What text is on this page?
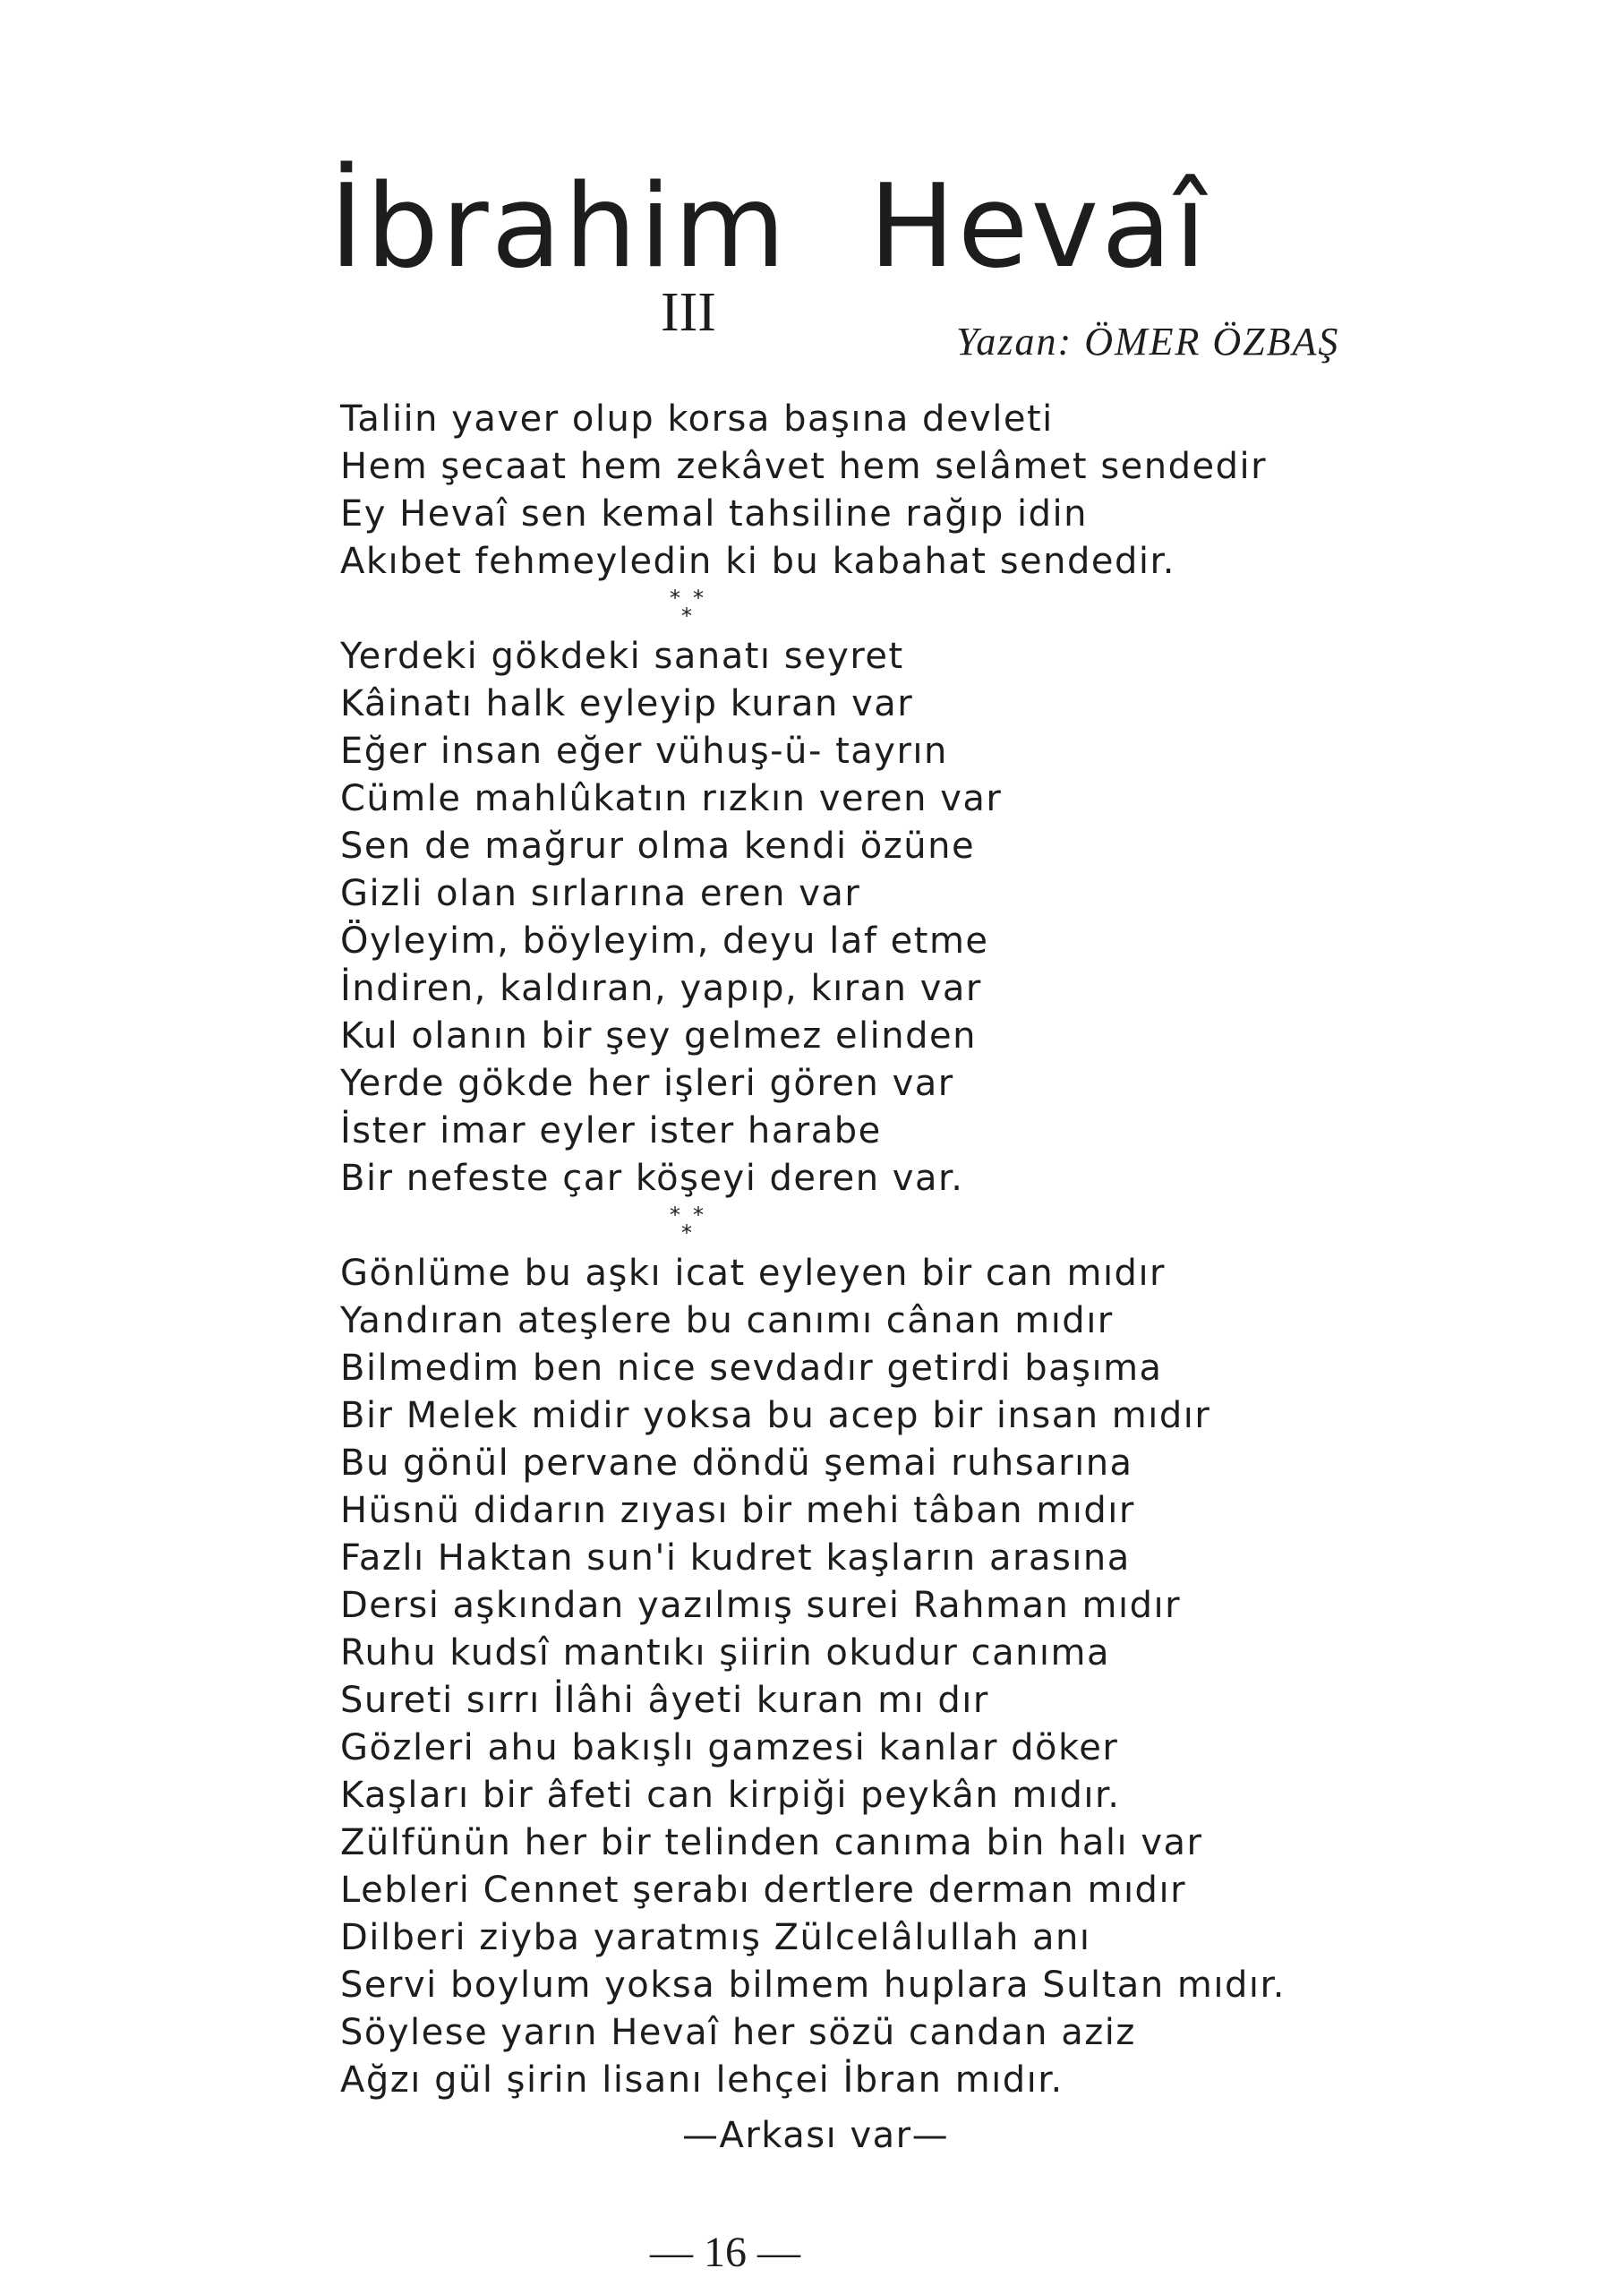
İbrahim Hevaî
III	Yazan: ÖMER ÖZBAŞ
Taliin yaver olup korsa başına devleti
Hem şecaat hem zekâvet hem selâmet sendedir
Ey Hevaî sen kemal tahsiline rağıp idin
Akıbet fehmeyledin ki bu kabahat sendedir.
* *
*
Yerdeki gökdeki sanatı seyret
Kâinatı halk eyleyip kuran var
Eğer insan eğer vühuş-ü- tayrın
Cümle mahlûkatın rızkın veren var
Sen de mağrur olma kendi özüne
Gizli olan sırlarına eren var
Öyleyim, böyleyim, deyu laf etme
İndiren, kaldıran, yapıp, kıran var
Kul olanın bir şey gelmez elinden
Yerde gökde her işleri gören var
İster imar eyler ister harabe
Bir nefeste çar köşeyi deren var.
* *
*
Gönlüme bu aşkı icat eyleyen bir can mıdır
Yandıran ateşlere bu canımı cânan mıdır
Bilmedim ben nice sevdadır getirdi başıma
Bir Melek midir yoksa bu acep bir insan mıdır
Bu gönül pervane döndü şemai ruhsarına
Hüsnü didarın zıyası bir mehi tâban mıdır
Fazlı Haktan sun'i kudret kaşların arasına
Dersi aşkından yazılmış surei Rahman mıdır
Ruhu kudsî mantıkı şiirin okudur canıma
Sureti sırrı İlâhi âyeti kuran mı dır
Gözleri ahu bakışlı gamzesi kanlar döker
Kaşları bir âfeti can kirpiği peykân mıdır.
Zülfünün her bir telinden canıma bin halı var
Lebleri Cennet şerabı dertlere derman mıdır
Dilberi ziyba yaratmış Zülcelâlullah anı
Servi boylum yoksa bilmem huplara Sultan mıdır.
Söylese yarın Hevaî her sözü candan aziz
Ağzı gül şirin lisanı lehçei İbran mıdır.
—Arkası var—
— 16 —
